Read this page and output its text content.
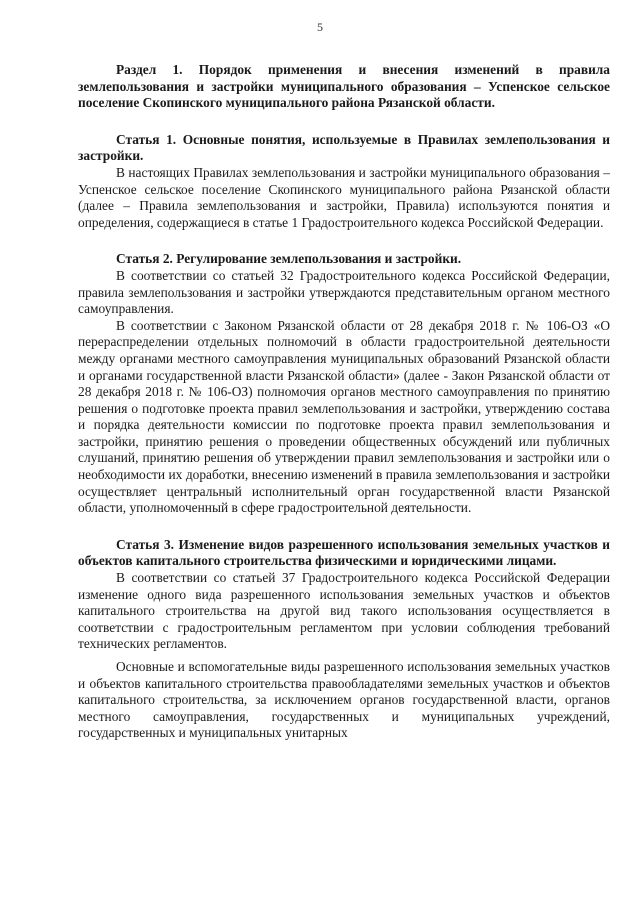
5

Раздел 1. Порядок применения и внесения изменений в правила землепользования и застройки муниципального образования – Успенское сельское поселение Скопинского муниципального района Рязанской области.

Статья 1. Основные понятия, используемые в Правилах землепользования и застройки.

В настоящих Правилах землепользования и застройки муниципального образования – Успенское сельское поселение Скопинского муниципального района Рязанской области (далее – Правила землепользования и застройки, Правила) используются понятия и определения, содержащиеся в статье 1 Градостроительного кодекса Российской Федерации.

Статья 2. Регулирование землепользования и застройки.

В соответствии со статьей 32 Градостроительного кодекса Российской Федерации, правила землепользования и застройки утверждаются представительным органом местного самоуправления.

В соответствии с Законом Рязанской области от 28 декабря 2018 г. № 106-ОЗ «О перераспределении отдельных полномочий в области градостроительной деятельности между органами местного самоуправления муниципальных образований Рязанской области и органами государственной власти Рязанской области» (далее - Закон Рязанской области от 28 декабря 2018 г. № 106-ОЗ) полномочия органов местного самоуправления по принятию решения о подготовке проекта правил землепользования и застройки, утверждению состава и порядка деятельности комиссии по подготовке проекта правил землепользования и застройки, принятию решения о проведении общественных обсуждений или публичных слушаний, принятию решения об утверждении правил землепользования и застройки или о необходимости их доработки, внесению изменений в правила землепользования и застройки осуществляет центральный исполнительный орган государственной власти Рязанской области, уполномоченный в сфере градостроительной деятельности.

Статья 3. Изменение видов разрешенного использования земельных участков и объектов капитального строительства физическими и юридическими лицами.

В соответствии со статьей 37 Градостроительного кодекса Российской Федерации изменение одного вида разрешенного использования земельных участков и объектов капитального строительства на другой вид такого использования осуществляется в соответствии с градостроительным регламентом при условии соблюдения требований технических регламентов.

Основные и вспомогательные виды разрешенного использования земельных участков и объектов капитального строительства правообладателями земельных участков и объектов капитального строительства, за исключением органов государственной власти, органов местного самоуправления, государственных и муниципальных учреждений, государственных и муниципальных унитарных
